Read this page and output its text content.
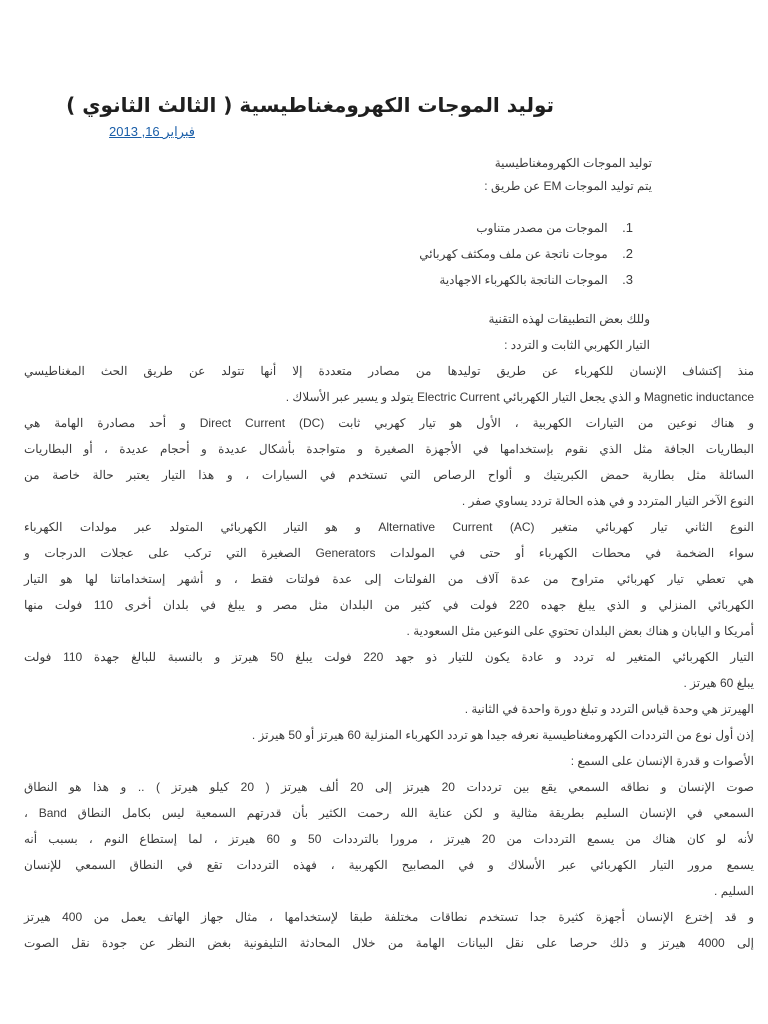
توليد الموجات الكهرومغناطيسية ( الثالث الثانوي )
فبراير 16, 2013

توليد الموجات الكهرومغناطيسية

يتم توليد الموجات EM عن طريق :

1. الموجات من مصدر متناوب
2. موجات ناتجة عن ملف ومكثف كهربائي
3. الموجات الناتجة بالكهرباء الاجهادية

وللك بعض التطبيقات لهذه التقنية

التيار الكهربي الثابت و التردد :

منذ إكتشاف الإنسان للكهرباء عن طريق توليدها من مصادر متعددة إلا أنها تتولد عن طريق الحث المغناطيسي

Magnetic inductance و الذي يجعل التيار الكهربائي Electric Current يتولد و يسير عبر الأسلاك .

و هناك نوعين من التيارات الكهربية ، الأول هو تيار كهربي ثابت Direct Current (DC) و أحد مصادرة الهامة هي

البطاريات الجافة مثل الذي نقوم بإستخدامها في الأجهزة الصغيرة و متواجدة بأشكال عديدة و أحجام عديدة ، أو البطاريات

السائلة مثل بطارية حمض الكبريتيك و ألواح الرصاص التي تستخدم في السيارات ، و هذا التيار يعتبر حالة خاصة من

النوع الآخر التيار المتردد و في هذه الحالة تردد يساوي صفر .

النوع الثاني تيار كهربائي متغير Alternative Current (AC) و هو التيار الكهربائي المتولد عبر مولدات الكهرباء

سواء الضخمة في محطات الكهرباء أو حتى في المولدات Generators الصغيرة التي تركب على عجلات الدرجات و

هي تعطي تيار كهربائي متراوح من عدة آلاف من الفولتات إلى عدة فولتات فقط ، و أشهر إستخداماتنا لها هو التيار

الكهربائي المنزلي و الذي يبلغ جهده 220 فولت في كثير من البلدان مثل مصر و يبلغ في بلدان أخرى 110 فولت منها

أمريكا و اليابان و هناك بعض البلدان تحتوي على النوعين مثل السعودية .

التيار الكهربائي المتغير له تردد و عادة يكون للتيار ذو جهد 220 فولت يبلغ 50 هيرتز و بالنسبة للبالغ جهدة 110 فولت

يبلغ 60 هيرتز .

الهيرتز هي وحدة قياس التردد و تبلغ دورة واحدة في الثانية .

إذن أول نوع من الترددات الكهرومغناطيسية نعرفه جيدا هو تردد الكهرباء المنزلية 60 هيرتز أو 50 هيرتز .

الأصوات و قدرة الإنسان على السمع :

صوت الإنسان و نطاقه السمعي يقع بين ترددات 20 هيرتز إلى 20 ألف هيرتز ( 20 كيلو هيرتز ) .. و هذا هو النطاق

السمعي في الإنسان السليم بطريقة مثالية و لكن عناية الله رحمت الكثير بأن قدرتهم السمعية ليس بكامل النطاق Band ،

لأنه لو كان هناك من يسمع الترددات من 20 هيرتز ، مرورا بالترددات 50 و 60 هيرتز ، لما إستطاع النوم ، بسبب أنه

يسمع مرور التيار الكهربائي عبر الأسلاك و في المصابيح الكهربية ، فهذه الترددات تقع في النطاق السمعي للإنسان

السليم .

و قد إخترع الإنسان أجهزة كثيرة جدا تستخدم نطاقات مختلفة طبقا لإستخدامها ، مثال جهاز الهاتف يعمل من 400 هيرتز

إلى 4000 هيرتز و ذلك حرصا على نقل البيانات الهامة من خلال المحادثة التليفونية بغض النظر عن جودة نقل الصوت
